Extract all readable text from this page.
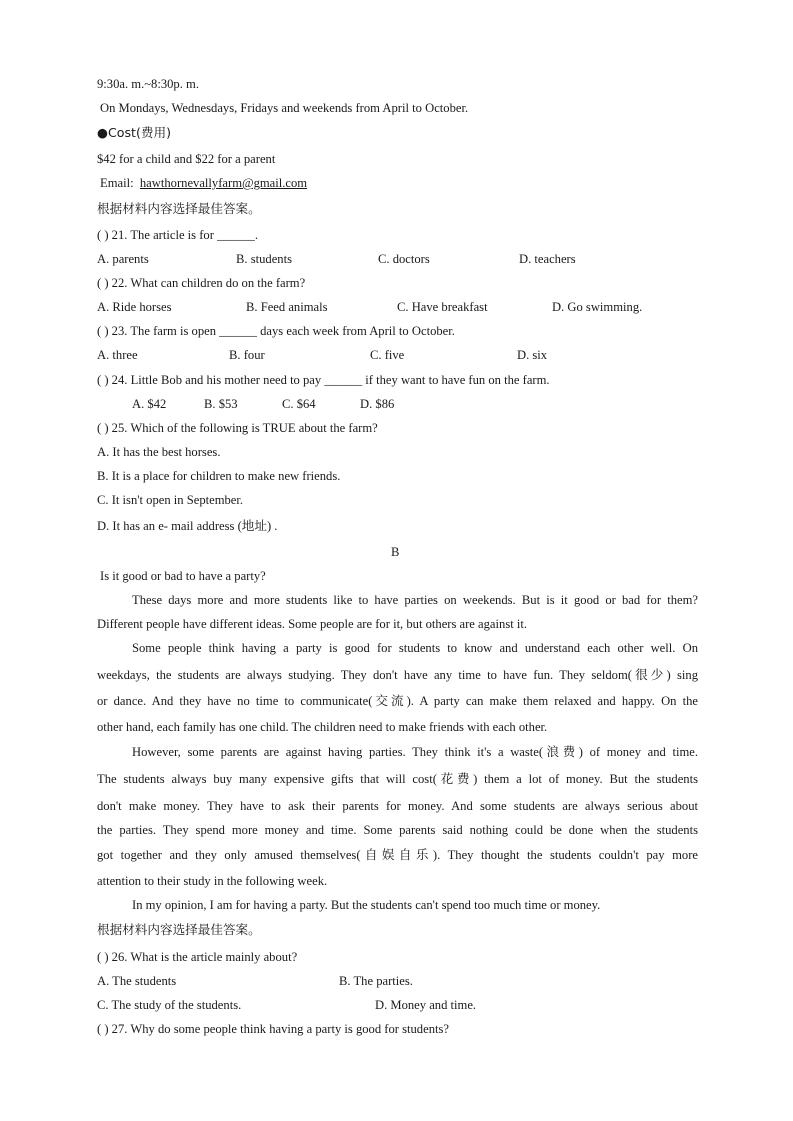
9:30a. m.~8:30p. m.
On Mondays, Wednesdays, Fridays and weekends from April to October.
●Cost(费用)
$42 for a child and $22 for a parent
Email: hawthornevallyfarm@gmail.com
根据材料内容选择最佳答案。
( ) 21. The article is for ______.
A. parents	B. students	C. doctors	D. teachers
( ) 22. What can children do on the farm?
A. Ride horses	B. Feed animals	C. Have breakfast	D. Go swimming.
( ) 23. The farm is open ______ days each week from April to October.
A. three	B. four	C. five	D. six
( ) 24. Little Bob and his mother need to pay ______ if they want to have fun on the farm.
A. $42	B. $53	C. $64	D. $86
( ) 25. Which of the following is TRUE about the farm?
A. It has the best horses.
B. It is a place for children to make new friends.
C. It isn't open in September.
D. It has an e- mail address (地址) .
B
Is it good or bad to have a party?
These days more and more students like to have parties on weekends. But is it good or bad for them?
Different people have different ideas. Some people are for it, but others are against it.
Some people think having a party is good for students to know and understand each other well. On
weekdays, the students are always studying. They don't have any time to have fun. They seldom(很少) sing
or dance. And they have no time to communicate(交流). A party can make them relaxed and happy. On the
other hand, each family has one child. The children need to make friends with each other.
However, some parents are against having parties. They think it's a waste(浪费) of money and time.
The students always buy many expensive gifts that will cost(花费) them a lot of money. But the students
don't make money. They have to ask their parents for money. And some students are always serious about
the parties. They spend more money and time. Some parents said nothing could be done when the students
got together and they only amused themselves(自娱自乐). They thought the students couldn't pay more
attention to their study in the following week.
In my opinion, I am for having a party. But the students can't spend too much time or money.
根据材料内容选择最佳答案。
( ) 26. What is the article mainly about?
A. The students	B. The parties.
C. The study of the students.	D. Money and time.
( ) 27. Why do some people think having a party is good for students?
